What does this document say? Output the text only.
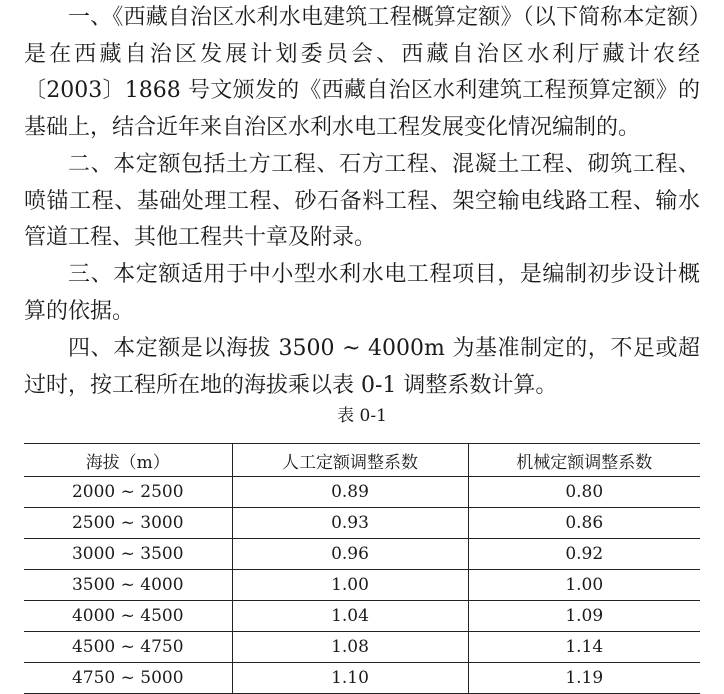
一、《西藏自治区水利水电建筑工程概算定额》（以下简称本定额）是在西藏自治区发展计划委员会、西藏自治区水利厅藏计农经〔2003〕1868 号文颁发的《西藏自治区水利建筑工程预算定额》的基础上，结合近年来自治区水利水电工程发展变化情况编制的。

二、本定额包括土方工程、石方工程、混凝土工程、砌筑工程、喷锚工程、基础处理工程、砂石备料工程、架空输电线路工程、输水管道工程、其他工程共十章及附录。

三、本定额适用于中小型水利水电工程项目，是编制初步设计概算的依据。

四、本定额是以海拔 3500 ~ 4000m 为基准制定的，不足或超过时，按工程所在地的海拔乘以表 0-1 调整系数计算。

表 0-1
海拔（m）	人工定额调整系数	机械定额调整系数
2000 ~ 2500	0.89	0.80
2500 ~ 3000	0.93	0.86
3000 ~ 3500	0.96	0.92
3500 ~ 4000	1.00	1.00
4000 ~ 4500	1.04	1.09
4500 ~ 4750	1.08	1.14
4750 ~ 5000	1.10	1.19
